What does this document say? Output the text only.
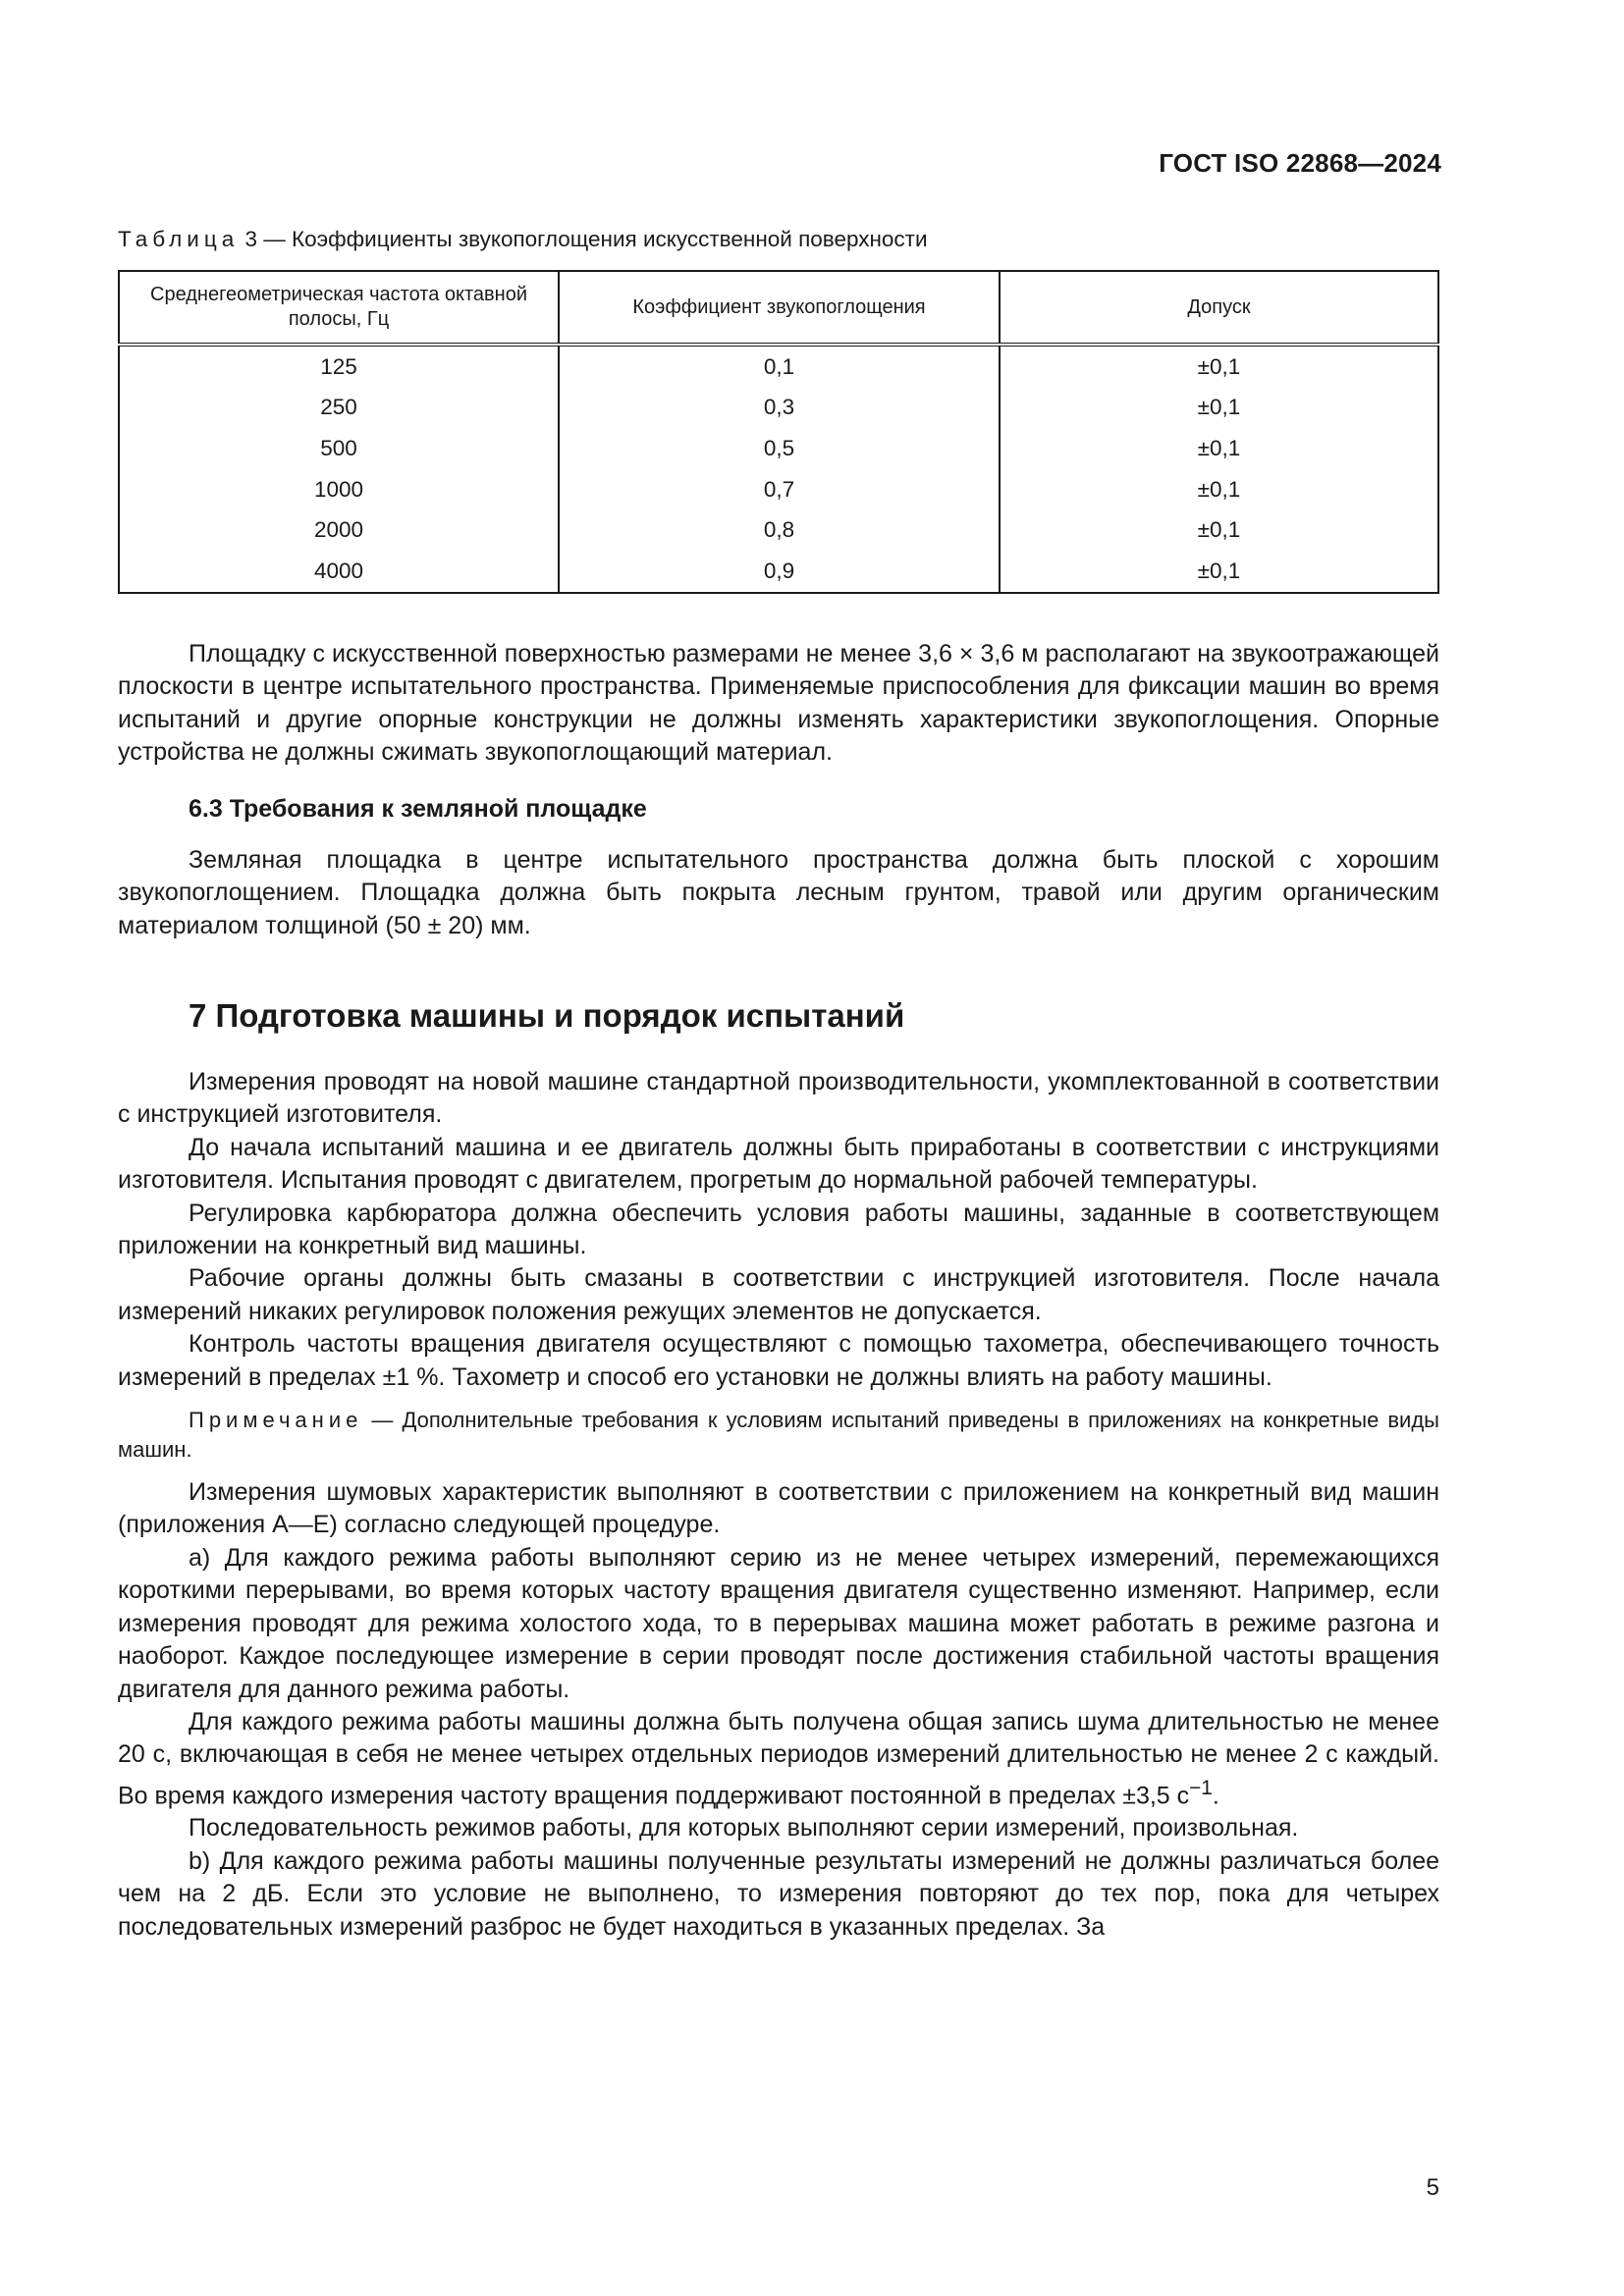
ГОСТ ISO 22868—2024
Таблица 3 — Коэффициенты звукопоглощения искусственной поверхности
Среднегеометрическая частота октавной полосы, Гц	Коэффициент звукопоглощения	Допуск
125	0,1	±0,1
250	0,3	±0,1
500	0,5	±0,1
1000	0,7	±0,1
2000	0,8	±0,1
4000	0,9	±0,1

Площадку с искусственной поверхностью размерами не менее 3,6 × 3,6 м располагают на звукоотражающей плоскости в центре испытательного пространства. Применяемые приспособления для фиксации машин во время испытаний и другие опорные конструкции не должны изменять характеристики звукопоглощения. Опорные устройства не должны сжимать звукопоглощающий материал.

6.3 Требования к земляной площадке

Земляная площадка в центре испытательного пространства должна быть плоской с хорошим звукопоглощением. Площадка должна быть покрыта лесным грунтом, травой или другим органическим материалом толщиной (50 ± 20) мм.

7 Подготовка машины и порядок испытаний

Измерения проводят на новой машине стандартной производительности, укомплектованной в соответствии с инструкцией изготовителя.

До начала испытаний машина и ее двигатель должны быть приработаны в соответствии с инструкциями изготовителя. Испытания проводят с двигателем, прогретым до нормальной рабочей температуры.

Регулировка карбюратора должна обеспечить условия работы машины, заданные в соответствующем приложении на конкретный вид машины.

Рабочие органы должны быть смазаны в соответствии с инструкцией изготовителя. После начала измерений никаких регулировок положения режущих элементов не допускается.

Контроль частоты вращения двигателя осуществляют с помощью тахометра, обеспечивающего точность измерений в пределах ±1 %. Тахометр и способ его установки не должны влиять на работу машины.

Примечание — Дополнительные требования к условиям испытаний приведены в приложениях на конкретные виды машин.

Измерения шумовых характеристик выполняют в соответствии с приложением на конкретный вид машин (приложения А—Е) согласно следующей процедуре.

a) Для каждого режима работы выполняют серию из не менее четырех измерений, перемежающихся короткими перерывами, во время которых частоту вращения двигателя существенно изменяют. Например, если измерения проводят для режима холостого хода, то в перерывах машина может работать в режиме разгона и наоборот. Каждое последующее измерение в серии проводят после достижения стабильной частоты вращения двигателя для данного режима работы.

Для каждого режима работы машины должна быть получена общая запись шума длительностью не менее 20 с, включающая в себя не менее четырех отдельных периодов измерений длительностью не менее 2 с каждый. Во время каждого измерения частоту вращения поддерживают постоянной в пределах ±3,5 $с^{-1}$.

Последовательность режимов работы, для которых выполняют серии измерений, произвольная.

b) Для каждого режима работы машины полученные результаты измерений не должны различаться более чем на 2 дБ. Если это условие не выполнено, то измерения повторяют до тех пор, пока для четырех последовательных измерений разброс не будет находиться в указанных пределах. За

5
